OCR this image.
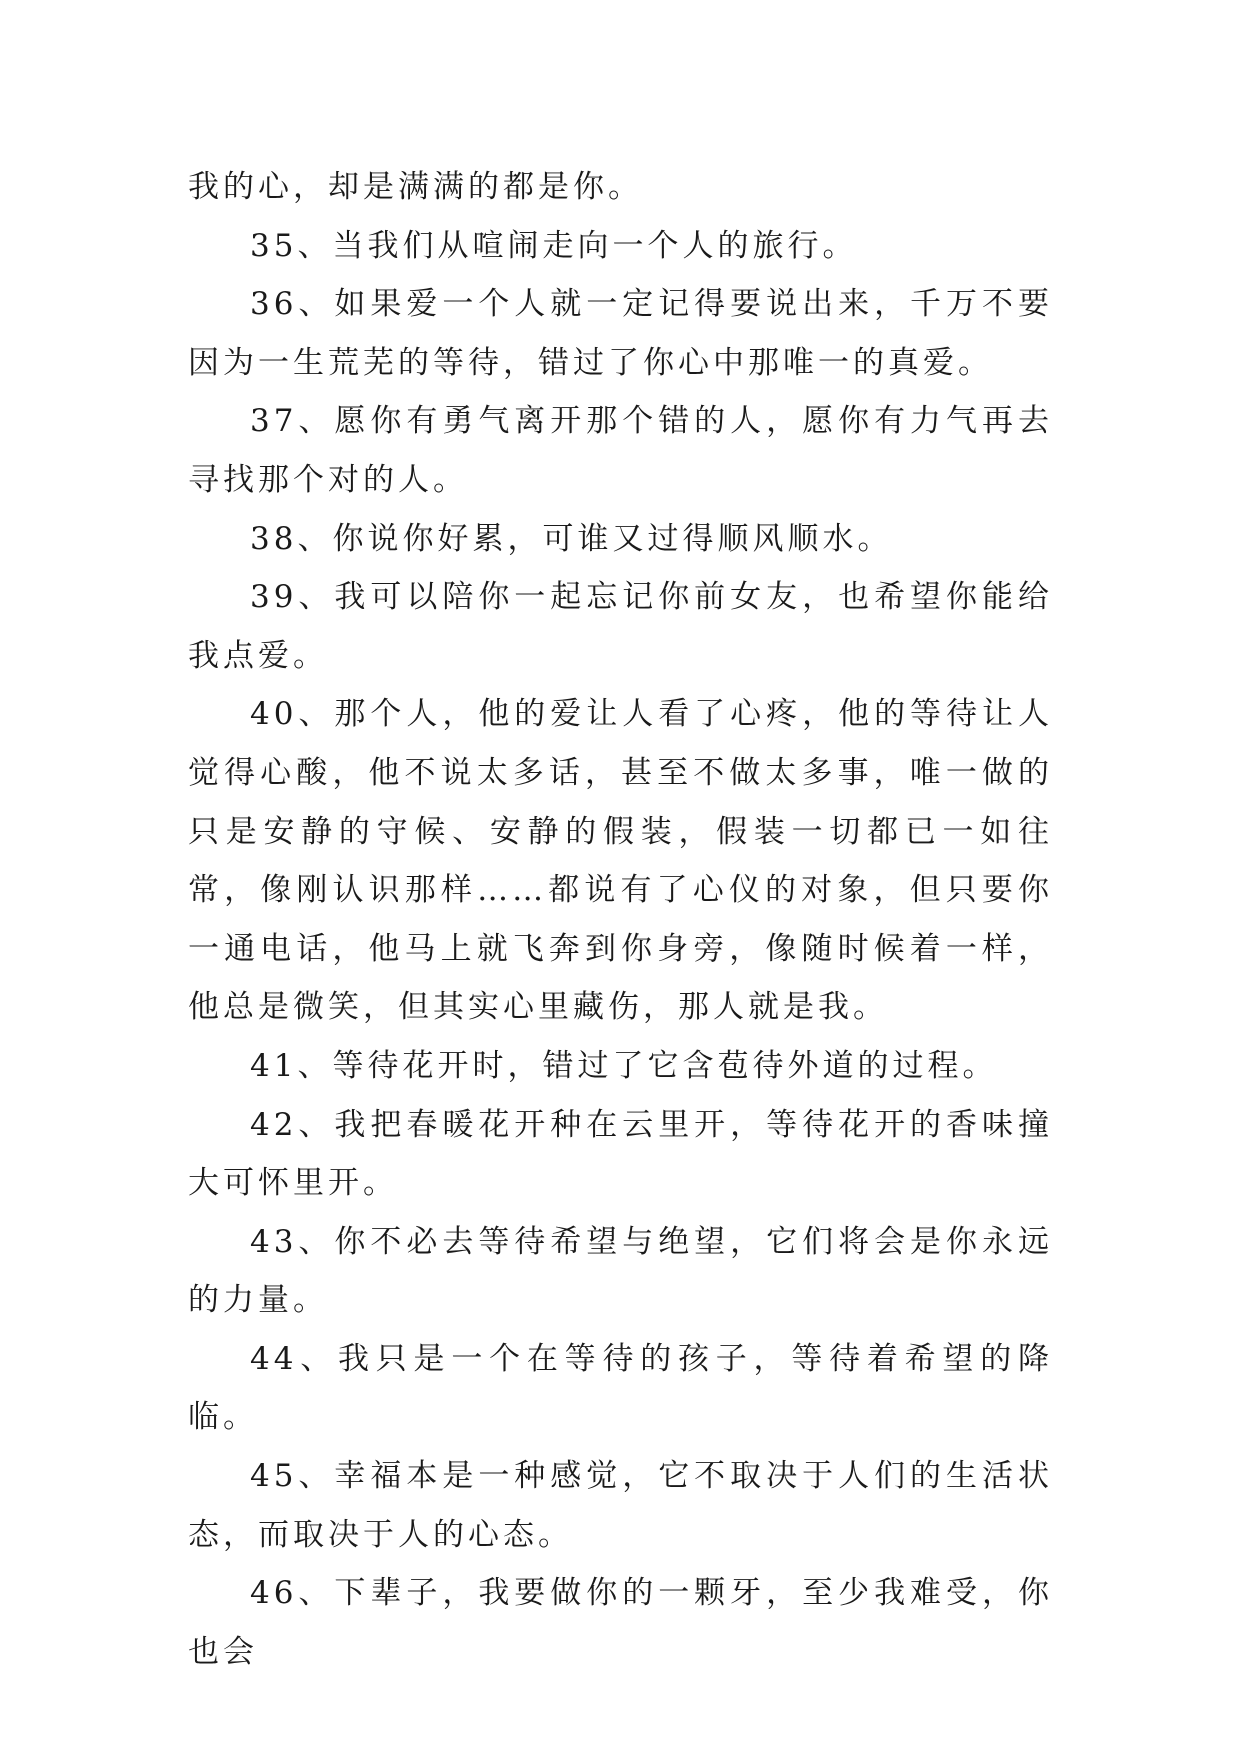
我的心，却是满满的都是你。

35、当我们从喧闹走向一个人的旅行。

36、如果爱一个人就一定记得要说出来，千万不要因为一生荒芜的等待，错过了你心中那唯一的真爱。

37、愿你有勇气离开那个错的人，愿你有力气再去寻找那个对的人。

38、你说你好累，可谁又过得顺风顺水。

39、我可以陪你一起忘记你前女友，也希望你能给我点爱。

40、那个人，他的爱让人看了心疼，他的等待让人觉得心酸，他不说太多话，甚至不做太多事，唯一做的只是安静的守候、安静的假装，假装一切都已一如往常，像刚认识那样……都说有了心仪的对象，但只要你一通电话，他马上就飞奔到你身旁，像随时候着一样，他总是微笑，但其实心里藏伤，那人就是我。

41、等待花开时，错过了它含苞待外道的过程。

42、我把春暖花开种在云里开，等待花开的香味撞大可怀里开。

43、你不必去等待希望与绝望，它们将会是你永远的力量。

44、我只是一个在等待的孩子，等待着希望的降临。

45、幸福本是一种感觉，它不取决于人们的生活状态，而取决于人的心态。

46、下辈子，我要做你的一颗牙，至少我难受，你也会
